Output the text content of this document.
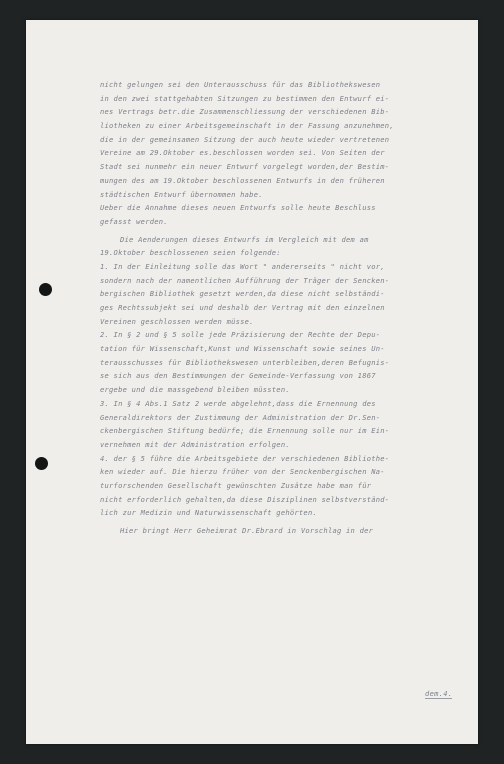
nicht gelungen sei den Unterausschuss für das Bibliothekswesen
in den zwei stattgehabten Sitzungen zu bestimmen den Entwurf ei-
nes Vertrags betr.die Zusammenschliessung der verschiedenen Bib-
liotheken zu einer Arbeitsgemeinschaft in der Fassung anzunehmen,
die in der gemeinsamen Sitzung der auch heute wieder vertretenen
Vereine am 29.Oktober es.beschlossen worden sei. Von Seiten der
Stadt sei nunmehr ein neuer Entwurf vorgelegt worden,der Bestim-
mungen des am 19.Oktober beschlossenen Entwurfs in den früheren
städtischen Entwurf übernommen habe.
Ueber die Annahme dieses neuen Entwurfs solle heute Beschluss
gefasst werden.
Die Aenderungen dieses Entwurfs im Vergleich mit dem am
19.Oktober beschlossenen seien folgende:
1. In der Einleitung solle das Wort " andererseits " nicht vor,
sondern nach der namentlichen Aufführung der Träger der Sencken-
bergischen Bibliothek gesetzt werden,da diese nicht selbständi-
ges Rechtssubjekt sei und deshalb der Vertrag mit den einzelnen
Vereinen geschlossen werden müsse.
2. In § 2 und § 5 solle jede Präzisierung der Rechte der Depu-
tation für Wissenschaft,Kunst und Wissenschaft sowie seines Un-
terausschusses für Bibliothekswesen unterbleiben,deren Befugnis-
se sich aus den Bestimmungen der Gemeinde-Verfassung von 1867
ergebe und die massgebend bleiben müssten.
3. In § 4 Abs.1 Satz 2 werde abgelehnt,dass die Ernennung des
Generaldirektors der Zustimmung der Administration der Dr.Sen-
ckenbergischen Stiftung bedürfe; die Ernennung solle nur im Ein-
vernehmen mit der Administration erfolgen.
4. der § 5 führe die Arbeitsgebiete der verschiedenen Bibliothe-
ken wieder auf. Die hierzu früher von der Senckenbergischen Na-
turforschenden Gesellschaft gewünschten Zusätze habe man für
nicht erforderlich gehalten,da diese Disziplinen selbstverständ-
lich zur Medizin und Naturwissenschaft gehörten.
Hier bringt Herr Geheimrat Dr.Ebrard in Vorschlag in der
dem.4.
